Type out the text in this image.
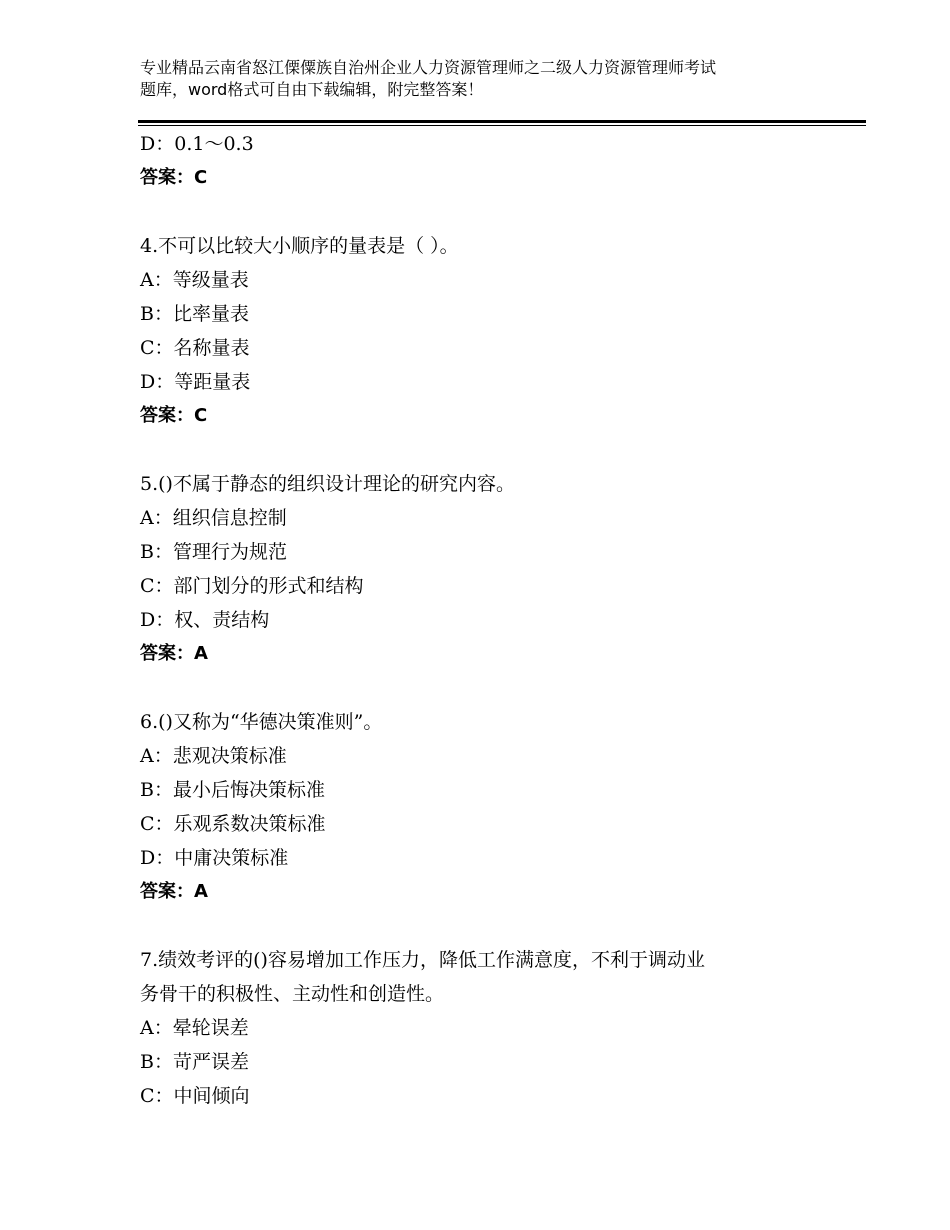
专业精品云南省怒江傈僳族自治州企业人力资源管理师之二级人力资源管理师考试
题库，word格式可自由下载编辑，附完整答案！
D：0.1～0.3
答案：C
4.不可以比较大小顺序的量表是（ ）。
A：等级量表
B：比率量表
C：名称量表
D：等距量表
答案：C
5.()不属于静态的组织设计理论的研究内容。
A：组织信息控制
B：管理行为规范
C：部门划分的形式和结构
D：权、责结构
答案：A
6.()又称为“华德决策准则”。
A：悲观决策标准
B：最小后悔决策标准
C：乐观系数决策标准
D：中庸决策标准
答案：A
7.绩效考评的()容易增加工作压力，降低工作满意度，不利于调动业
务骨干的积极性、主动性和创造性。
A：晕轮误差
B：苛严误差
C：中间倾向
